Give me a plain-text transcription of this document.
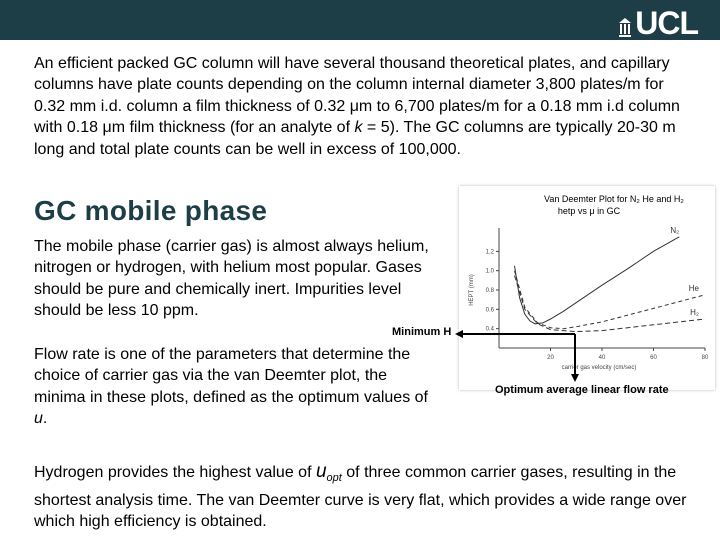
UCL

An efficient packed GC column will have several thousand theoretical plates, and capillary columns have plate counts depending on the column internal diameter 3,800 plates/m for 0.32 mm i.d. column a film thickness of 0.32 μm to 6,700 plates/m for a 0.18 mm i.d column with 0.18 μm film thickness (for an analyte of k = 5). The GC columns are typically 20-30 m long and total plate counts can be well in excess of 100,000.

GC mobile phase

The mobile phase (carrier gas) is almost always helium, nitrogen or hydrogen, with helium most popular. Gases should be pure and chemically inert. Impurities level should be less 10 ppm.

Flow rate is one of the parameters that determine the choice of carrier gas via the van Deemter plot, the minima in these plots, defined as the optimum values of u.

Hydrogen provides the highest value of $u_{opt}$ of three common carrier gases, resulting in the shortest analysis time. The van Deemter curve is very flat, which provides a wide range over which high efficiency is obtained.

Van Deemter Plot for N₂ He and H₂
hetp vs μ in GC
20	40	60	80
0.4
0.6
0.8
1.0
1.2
carrier gas velocity (cm/sec)
HEPT (mm)
N₂
He
H₂
Minimum H
Optimum average linear flow rate
